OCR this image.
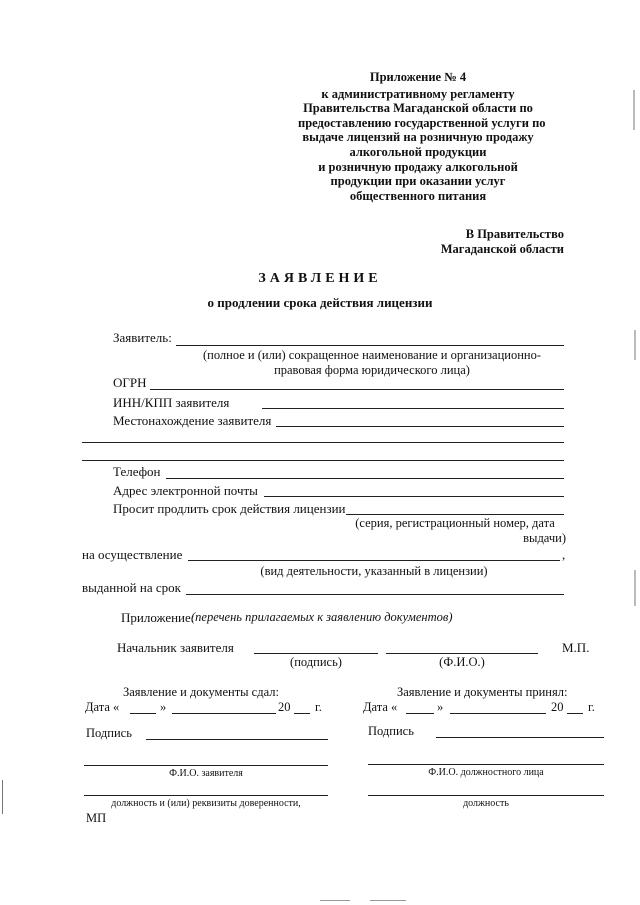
Приложение № 4
к административному регламенту
Правительства Магаданской области по
предоставлению государственной услуги по
выдаче лицензий на розничную продажу
алкогольной продукции
и розничную продажу алкогольной
продукции при оказании услуг
общественного питания
В Правительство
Магаданской области
ЗАЯВЛЕНИЕ
о продлении срока действия лицензии
Заявитель:
(полное и (или) сокращенное наименование и организационно-
правовая форма юридического лица)
ОГРН
ИНН/КПП заявителя
Местонахождение заявителя
Телефон
Адрес электронной почты
Просит продлить срок действия лицензии
(серия, регистрационный номер, дата
выдачи)
на осуществление	,
(вид деятельности, указанный в лицензии)
выданной на срок
Приложение:
(перечень прилагаемых к заявлению документов)
Начальник заявителя	М.П.
(подпись)	(Ф.И.О.)
Заявление и документы сдал:
Дата «	»	20 г.
Подпись
Ф.И.О. заявителя
должность и (или) реквизиты доверенности,
МП
Заявление и документы принял:
Дата «	»	20 г.
Подпись
Ф.И.О. должностного лица
должность
